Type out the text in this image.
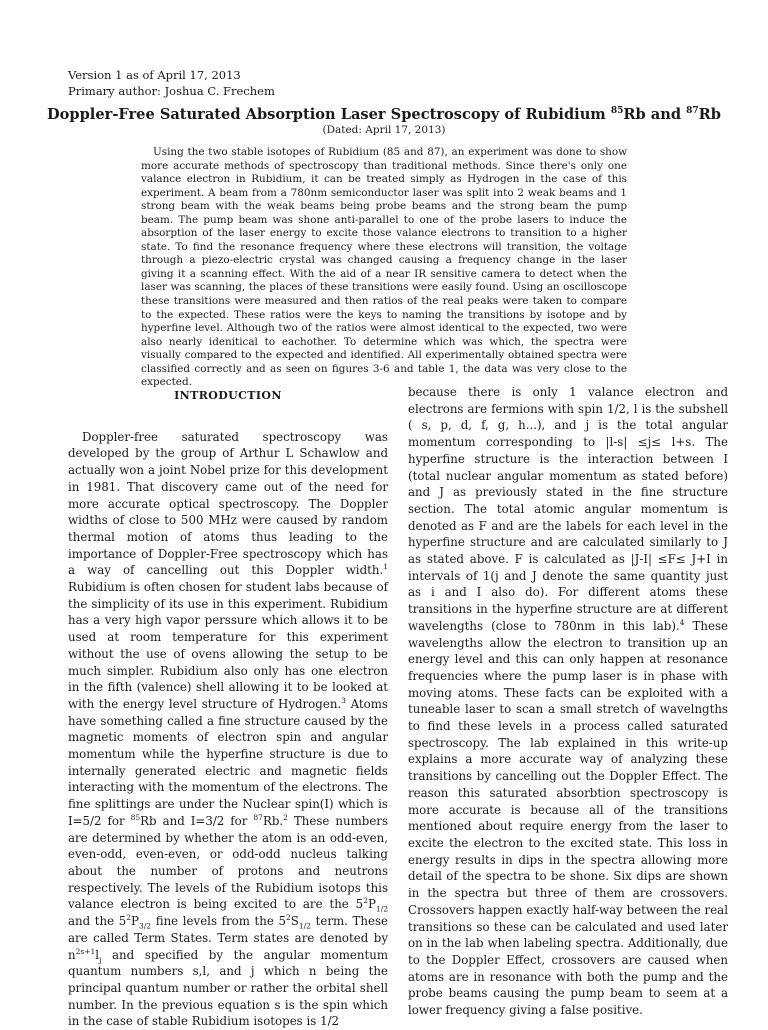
Version 1 as of April 17, 2013
Primary author: Joshua C. Frechem
Doppler-Free Saturated Absorption Laser Spectroscopy of Rubidium $^{85}$Rb and $^{87}$Rb
(Dated: April 17, 2013)
Using the two stable isotopes of Rubidium (85 and 87), an experiment was done to show more accurate methods of spectroscopy than traditional methods. Since there's only one valance electron in Rubidium, it can be treated simply as Hydrogen in the case of this experiment. A beam from a 780nm semiconductor laser was split into 2 weak beams and 1 strong beam with the weak beams being probe beams and the strong beam the pump beam. The pump beam was shone anti-parallel to one of the probe lasers to induce the absorption of the laser energy to excite those valance electrons to transition to a higher state. To find the resonance frequency where these electrons will transition, the voltage through a piezo-electric crystal was changed causing a frequency change in the laser giving it a scanning effect. With the aid of a near IR sensitive camera to detect when the laser was scanning, the places of these transitions were easily found. Using an oscilloscope these transitions were measured and then ratios of the real peaks were taken to compare to the expected. These ratios were the keys to naming the transitions by isotope and by hyperfine level. Although two of the ratios were almost identical to the expected, two were also nearly idenitical to eachother. To determine which was which, the spectra were visually compared to the expected and identified. All experimentally obtained spectra were classified correctly and as seen on figures 3-6 and table 1, the data was very close to the expected.
INTRODUCTION

Doppler-free saturated spectroscopy was developed by the group of Arthur L Schawlow and actually won a joint Nobel prize for this development in 1981. That discovery came out of the need for more accurate optical spectroscopy. The Doppler widths of close to 500 MHz were caused by random thermal motion of atoms thus leading to the importance of Doppler-Free spectroscopy which has a way of cancelling out this Doppler width.$^1$ Rubidium is often chosen for student labs because of the simplicity of its use in this experiment. Rubidium has a very high vapor perssure which allows it to be used at room temperature for this experiment without the use of ovens allowing the setup to be much simpler. Rubidium also only has one electron in the fifth (valence) shell allowing it to be looked at with the energy level structure of Hydrogen.$^3$ Atoms have something called a fine structure caused by the magnetic moments of electron spin and angular momentum while the hyperfine structure is due to internally generated electric and magnetic fields interacting with the momentum of the electrons. The fine splittings are under the Nuclear spin(I) which is I=5/2 for $^{85}$Rb and I=3/2 for $^{87}$Rb.$^2$ These numbers are determined by whether the atom is an odd-even, even-odd, even-even, or odd-odd nucleus talking about the number of protons and neutrons respectively. The levels of the Rubidium isotops this valance electron is being excited to are the $5^2P_{1/2}$ and the $5^2P_{3/2}$ fine levels from the $5^2S_{1/2}$ term. These are called Term States. Term states are denoted by $n^{2s+1}l_j$ and specified by the angular momentum quantum numbers s,l, and j which n being the principal quantum number or rather the orbital shell number. In the previous equation s is the spin which in the case of stable Rubidium isotopes is 1/2

because there is only 1 valance electron and electrons are fermions with spin 1/2, l is the subshell ( s, p, d, f, g, h...), and j is the total angular momentum corresponding to |l-s| ≤j≤ l+s. The hyperfine structure is the interaction between I (total nuclear angular momentum as stated before) and J as previously stated in the fine structure section. The total atomic angular momentum is denoted as F and are the labels for each level in the hyperfine structure and are calculated similarly to J as stated above. F is calculated as |J-I| ≤F≤ J+I in intervals of 1(j and J denote the same quantity just as i and I also do). For different atoms these transitions in the hyperfine structure are at different wavelengths (close to 780nm in this lab).$^4$ These wavelengths allow the electron to transition up an energy level and this can only happen at resonance frequencies where the pump laser is in phase with moving atoms. These facts can be exploited with a tuneable laser to scan a small stretch of wavelngths to find these levels in a process called saturated spectroscopy. The lab explained in this write-up explains a more accurate way of analyzing these transitions by cancelling out the Doppler Effect. The reason this saturated absorbtion spectroscopy is more accurate is because all of the transitions mentioned about require energy from the laser to excite the electron to the excited state. This loss in energy results in dips in the spectra allowing more detail of the spectra to be shone. Six dips are shown in the spectra but three of them are crossovers. Crossovers happen exactly half-way between the real transitions so these can be calculated and used later on in the lab when labeling spectra. Additionally, due to the Doppler Effect, crossovers are caused when atoms are in resonance with both the pump and the probe beams causing the pump beam to seem at a lower frequency giving a false positive.
